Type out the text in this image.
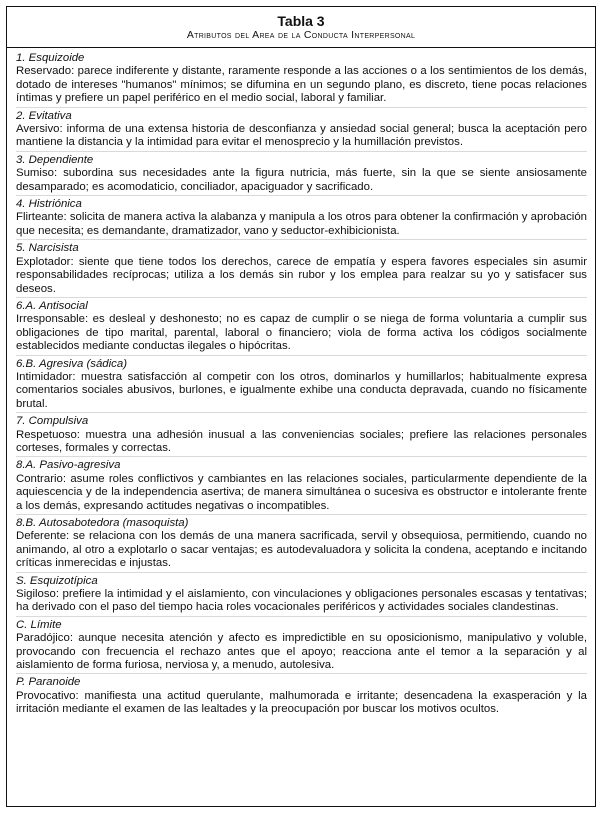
Tabla 3
Atributos del Area de la Conducta Interpersonal
1. Esquizoide
Reservado: parece indiferente y distante, raramente responde a las acciones o a los sentimientos de los demás, dotado de intereses "humanos" mínimos; se difumina en un segundo plano, es discreto, tiene pocas relaciones íntimas y prefiere un papel periférico en el medio social, laboral y familiar.
2. Evitativa
Aversivo: informa de una extensa historia de desconfianza y ansiedad social general; busca la aceptación pero mantiene la distancia y la intimidad para evitar el menosprecio y la humillación previstos.
3. Dependiente
Sumiso: subordina sus necesidades ante la figura nutricia, más fuerte, sin la que se siente ansiosamente desamparado; es acomodaticio, conciliador, apaciguador y sacrificado.
4. Histriónica
Flirteante: solicita de manera activa la alabanza y manipula a los otros para obtener la confirmación y aprobación que necesita; es demandante, dramatizador, vano y seductor-exhibicionista.
5. Narcisista
Explotador: siente que tiene todos los derechos, carece de empatía y espera favores especiales sin asumir responsabilidades recíprocas; utiliza a los demás sin rubor y los emplea para realzar su yo y satisfacer sus deseos.
6.A. Antisocial
Irresponsable: es desleal y deshonesto; no es capaz de cumplir o se niega de forma voluntaria a cumplir sus obligaciones de tipo marital, parental, laboral o financiero; viola de forma activa los códigos socialmente establecidos mediante conductas ilegales o hipócritas.
6.B. Agresiva (sádica)
Intimidador: muestra satisfacción al competir con los otros, dominarlos y humillarlos; habitualmente expresa comentarios sociales abusivos, burlones, e igualmente exhibe una conducta depravada, cuando no físicamente brutal.
7. Compulsiva
Respetuoso: muestra una adhesión inusual a las conveniencias sociales; prefiere las relaciones personales corteses, formales y correctas.
8.A. Pasivo-agresiva
Contrario: asume roles conflictivos y cambiantes en las relaciones sociales, particularmente dependiente de la aquiescencia y de la independencia asertiva; de manera simultánea o sucesiva es obstructor e intolerante frente a los demás, expresando actitudes negativas o incompatibles.
8.B. Autosabotedora (masoquista)
Deferente: se relaciona con los demás de una manera sacrificada, servil y obsequiosa, permitiendo, cuando no animando, al otro a explotarlo o sacar ventajas; es autodevaluadora y solicita la condena, aceptando e incitando críticas inmerecidas e injustas.
S. Esquizotípica
Sigiloso: prefiere la intimidad y el aislamiento, con vinculaciones y obligaciones personales escasas y tentativas; ha derivado con el paso del tiempo hacia roles vocacionales periféricos y actividades sociales clandestinas.
C. Límite
Paradójico: aunque necesita atención y afecto es impredictible en su oposicionismo, manipulativo y voluble, provocando con frecuencia el rechazo antes que el apoyo; reacciona ante el temor a la separación y al aislamiento de forma furiosa, nerviosa y, a menudo, autolesiva.
P. Paranoide
Provocativo: manifiesta una actitud querulante, malhumorada e irritante; desencadena la exasperación y la irritación mediante el examen de las lealtades y la preocupación por buscar los motivos ocultos.
